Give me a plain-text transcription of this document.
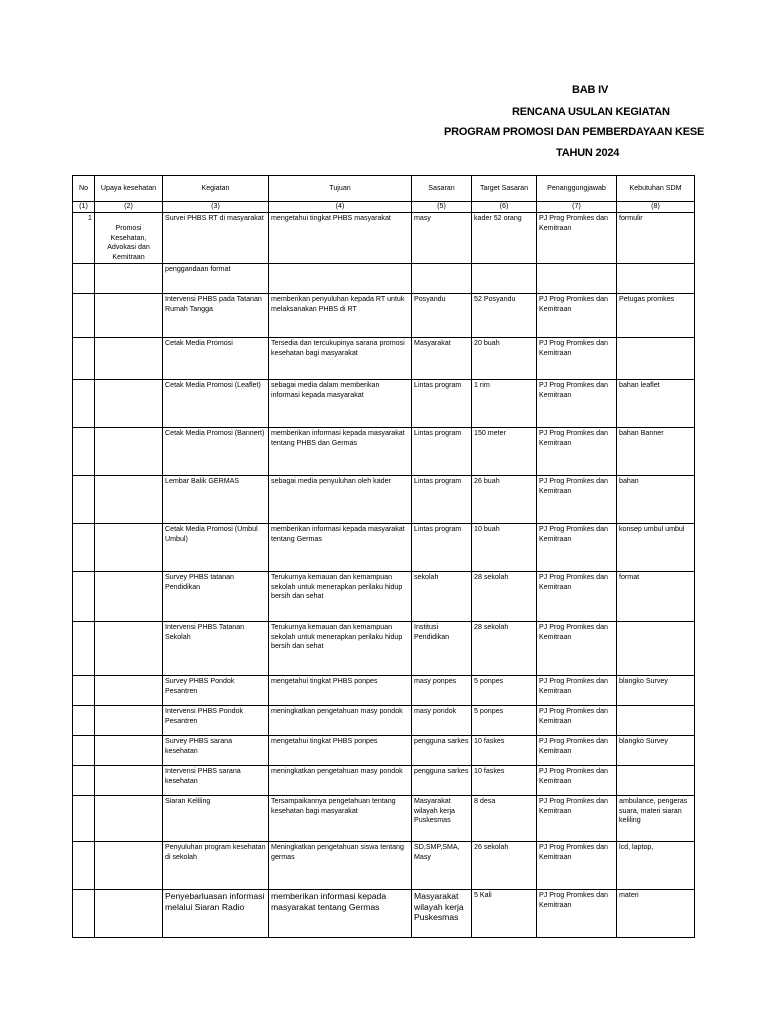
BAB IV
RENCANA USULAN KEGIATAN
PROGRAM PROMOSI DAN PEMBERDAYAAN KESE
TAHUN 2024
No	Upaya kesehatan	Kegiatan	Tujuan	Sasaran	Target Sasaran	Penanggungjawab	Kebutuhan SDM
(1)	(2)	(3)	(4)	(5)	(6)	(7)	(8)
1	Promosi Kesehatan, Advokasi dan Kemitraan	Survei PHBS RT di masyarakat	mengetahui tingkat PHBS masyarakat	masy	kader 52 orang	PJ Prog Promkes dan Kemitraan	formulir
		penggandaan format					
		Intervensi PHBS pada Tatanan Rumah Tangga	memberikan penyuluhan kepada RT untuk melaksanakan PHBS di RT	Posyandu	52 Posyandu	PJ Prog Promkes dan Kemitraan	Petugas promkes
		Cetak Media Promosi	Tersedia dan tercukupinya sarana promosi kesehatan bagi masyarakat	Masyarakat	20 buah	PJ Prog Promkes dan Kemitraan	
		Cetak Media Promosi (Leaflet)	sebagai media dalam memberikan informasi kepada masyarakat	Lintas program	1 rim	PJ Prog Promkes dan Kemitraan	bahan leaflet
		Cetak Media Promosi (Bannert)	memberikan informasi kepada masyarakat tentang PHBS dan Germas	Lintas program	150 meter	PJ Prog Promkes dan Kemitraan	bahan Banner
		Lembar Balik GERMAS	sebagai media penyuluhan oleh kader	Lintas program	26 buah	PJ Prog Promkes dan Kemitraan	bahan
		Cetak Media Promosi (Umbul Umbul)	memberikan informasi kepada masyarakat tentang Germas	Lintas program	10 buah	PJ Prog Promkes dan Kemitraan	konsep umbul umbul
		Survey PHBS tatanan Pendidikan	Terukurnya kemauan dan kemampuan sekolah untuk menerapkan perilaku hidup bersih dan sehat	sekolah	28 sekolah	PJ Prog Promkes dan Kemitraan	format
		Intervensi PHBS Tatanan Sekolah	Terukurnya kemauan dan kemampuan sekolah untuk menerapkan perilaku hidup bersih dan sehat	Institusi Pendidikan	28 sekolah	PJ Prog Promkes dan Kemitraan	
		Survey PHBS Pondok Pesantren	mengetahui tingkat PHBS ponpes	masy ponpes	5 ponpes	PJ Prog Promkes dan Kemitraan	blangko Survey
		Intervensi PHBS Pondok Pesantren	meningkatkan pengetahuan masy pondok	masy pondok	5 ponpes	PJ Prog Promkes dan Kemitraan	
		Survey PHBS sarana kesehatan	mengetahui tingkat PHBS ponpes	pengguna sarkes	10 faskes	PJ Prog Promkes dan Kemitraan	blangko Survey
		Intervensi PHBS sarana kesehatan	meningkatkan pengetahuan masy pondok	pengguna sarkes	10 faskes	PJ Prog Promkes dan Kemitraan	
		Siaran Keliling	Tersampaikannya pengetahuan tentang kesehatan bagi masyarakat	Masyarakat wilayah kerja Puskesmas	8 desa	PJ Prog Promkes dan Kemitraan	ambulance, pengeras suara, materi siaran keliling
		Penyuluhan program kesehatan di sekolah	Meningkatkan pengetahuan siswa tentang germas	SD,SMP,SMA, Masy	26 sekolah	PJ Prog Promkes dan Kemitraan	lcd, laptop,
		Penyebarluasan informasi melalui Siaran Radio	memberikan informasi kepada masyarakat tentang Germas	Masyarakat wilayah kerja Puskesmas	5 Kali	PJ Prog Promkes dan Kemitraan	materi
